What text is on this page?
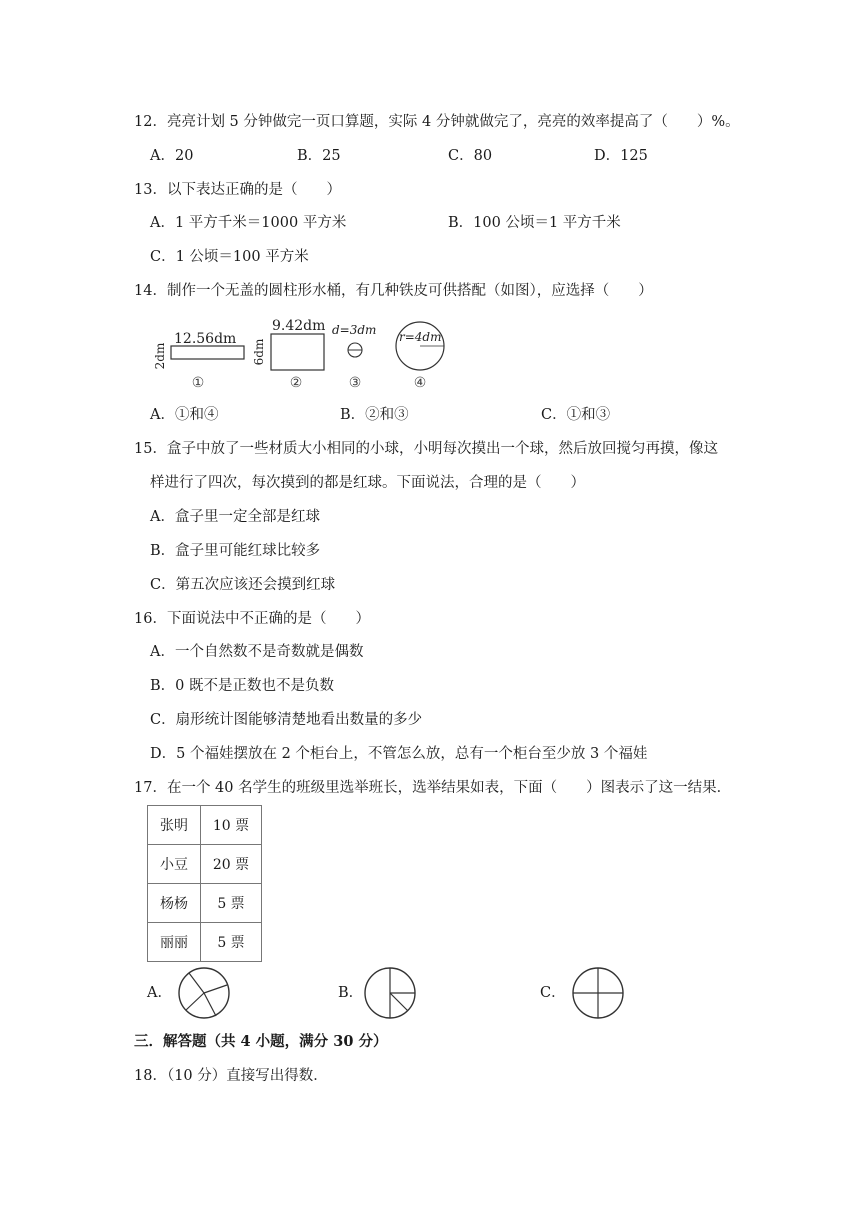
12．亮亮计划 5 分钟做完一页口算题，实际 4 分钟就做完了，亮亮的效率提高了（　　）%。
A．20	B．25	C．80	D．125
13．以下表达正确的是（　　）
A．1 平方千米＝1000 平方米	B．100 公顷＝1 平方千米
C．1 公顷＝100 平方米
14．制作一个无盖的圆柱形水桶，有几种铁皮可供搭配（如图），应选择（　　）
12.56dm
2dm
①
9.42dm
6dm
②
d=3dm
③
r=4dm
④
A．①和④	B．②和③	C．①和③
15．盒子中放了一些材质大小相同的小球，小明每次摸出一个球，然后放回搅匀再摸，像这
样进行了四次，每次摸到的都是红球。下面说法，合理的是（　　）
A．盒子里一定全部是红球
B．盒子里可能红球比较多
C．第五次应该还会摸到红球
16．下面说法中不正确的是（　　）
A．一个自然数不是奇数就是偶数
B．0 既不是正数也不是负数
C．扇形统计图能够清楚地看出数量的多少
D．5 个福娃摆放在 2 个柜台上，不管怎么放，总有一个柜台至少放 3 个福娃
17．在一个 40 名学生的班级里选举班长，选举结果如表，下面（　　）图表示了这一结果．
张明	10 票
小豆	20 票
杨杨	5 票
丽丽	5 票
A．	B．	C．
三．解答题（共 4 小题，满分 30 分）
18．（10 分）直接写出得数．
